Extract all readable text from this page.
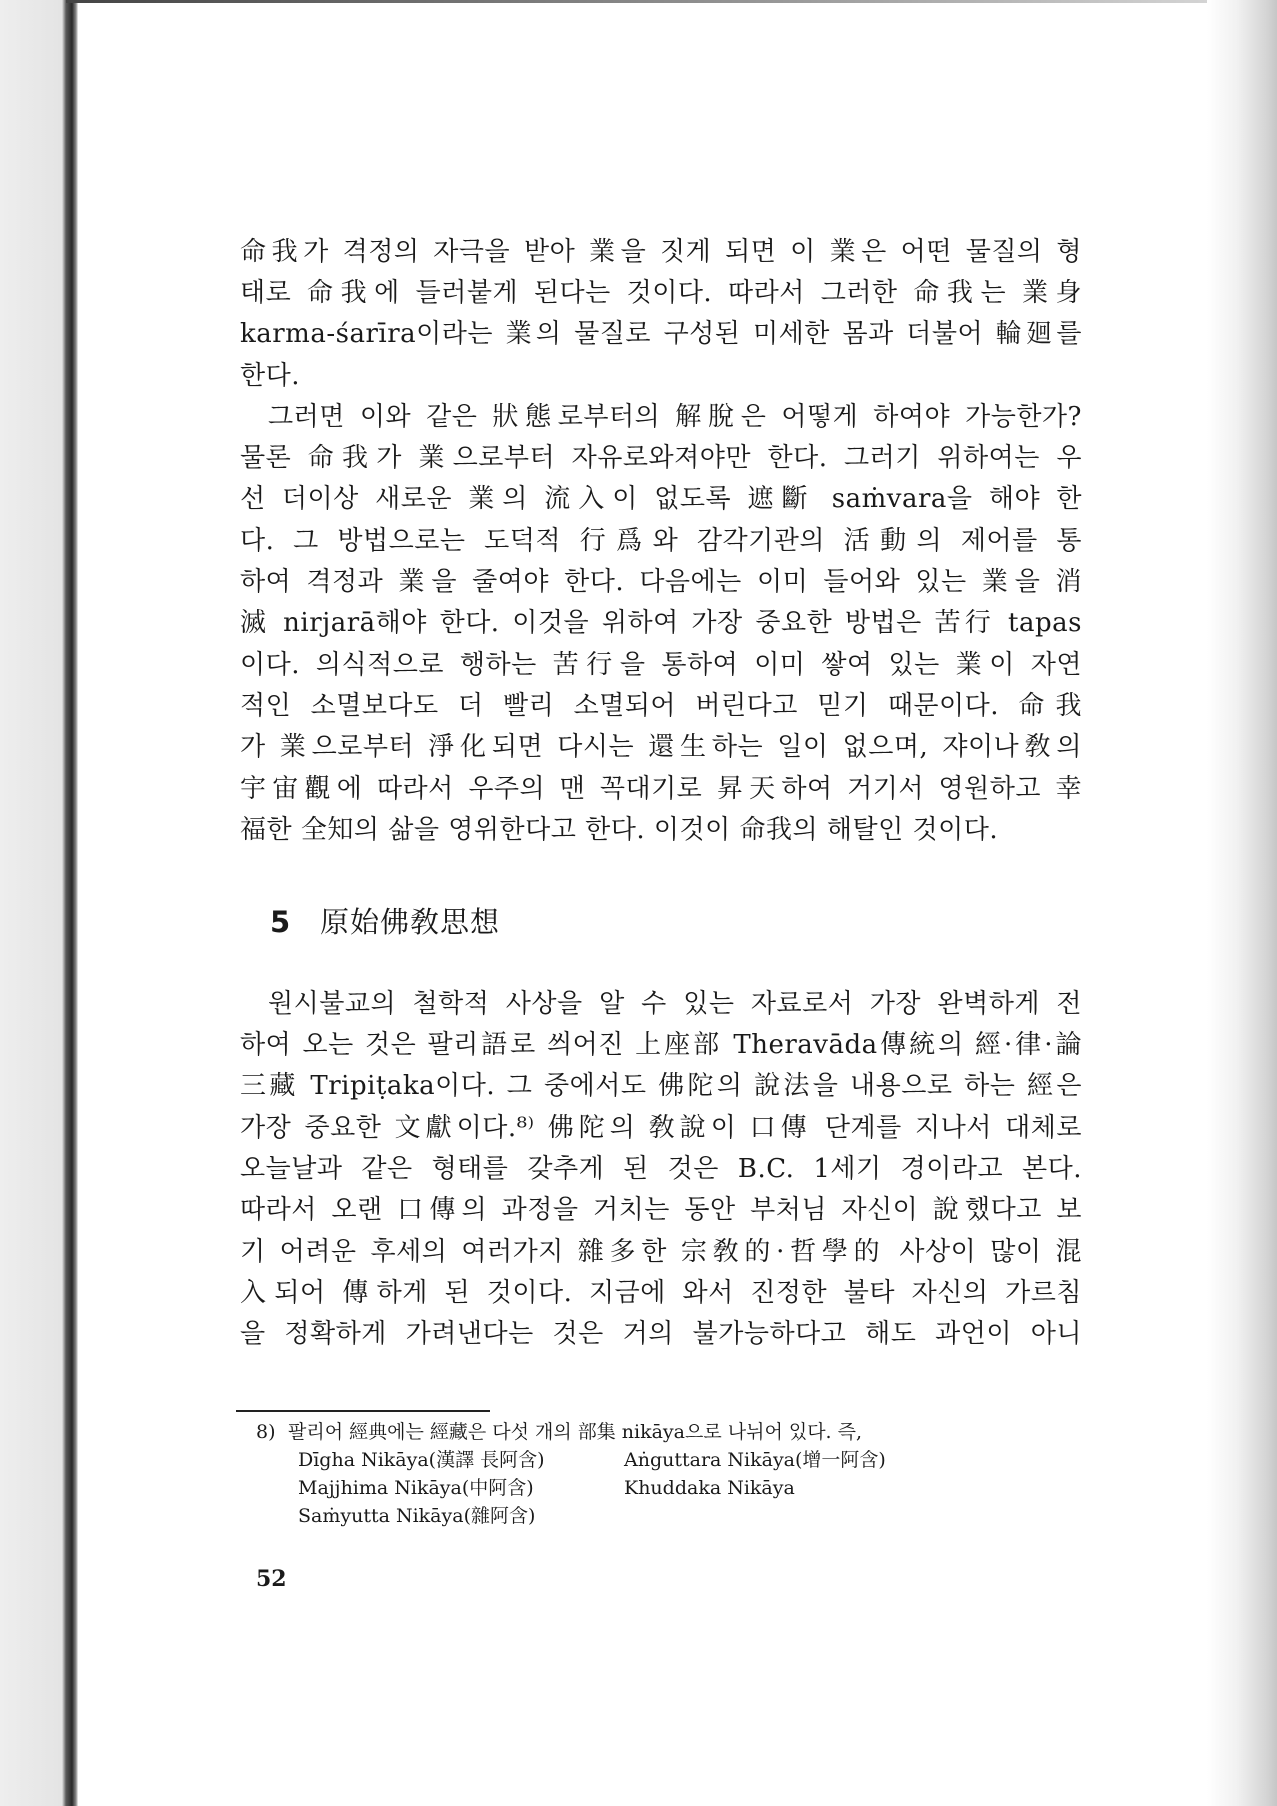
命我가 격정의 자극을 받아 業을 짓게 되면 이 業은 어떤 물질의 형
태로 命我에 들러붙게 된다는 것이다. 따라서 그러한 命我는 業身
karma-śarīra이라는 業의 물질로 구성된 미세한 몸과 더불어 輪廻를
한다.
그러면 이와 같은 狀態로부터의 解脫은 어떻게 하여야 가능한가?
물론 命我가 業으로부터 자유로와져야만 한다. 그러기 위하여는 우
선 더이상 새로운 業의 流入이 없도록 遮斷 saṁvara을 해야 한
다. 그 방법으로는 도덕적 行爲와 감각기관의 活動의 제어를 통
하여 격정과 業을 줄여야 한다. 다음에는 이미 들어와 있는 業을 消
滅 nirjarā해야 한다. 이것을 위하여 가장 중요한 방법은 苦行 tapas
이다. 의식적으로 행하는 苦行을 통하여 이미 쌓여 있는 業이 자연
적인 소멸보다도 더 빨리 소멸되어 버린다고 믿기 때문이다. 命我
가 業으로부터 淨化되면 다시는 還生하는 일이 없으며, 쟈이나敎의
宇宙觀에 따라서 우주의 맨 꼭대기로 昇天하여 거기서 영원하고 幸
福한 全知의 삶을 영위한다고 한다. 이것이 命我의 해탈인 것이다.
5 原始佛敎思想
원시불교의 철학적 사상을 알 수 있는 자료로서 가장 완벽하게 전
하여 오는 것은 팔리語로 씌어진 上座部 Theravāda傳統의 經·律·論
三藏 Tripiṭaka이다. 그 중에서도 佛陀의 說法을 내용으로 하는 經은
가장 중요한 文獻이다.⁸⁾ 佛陀의 敎說이 口傳 단계를 지나서 대체로
오늘날과 같은 형태를 갖추게 된 것은 B.C. 1세기 경이라고 본다.
따라서 오랜 口傳의 과정을 거치는 동안 부처님 자신이 說했다고 보
기 어려운 후세의 여러가지 雜多한 宗敎的·哲學的 사상이 많이 混
入되어 傳하게 된 것이다. 지금에 와서 진정한 불타 자신의 가르침
을 정확하게 가려낸다는 것은 거의 불가능하다고 해도 과언이 아니
8) 팔리어 經典에는 經藏은 다섯 개의 部集 nikāya으로 나뉘어 있다. 즉,
Dīgha Nikāya(漢譯 長阿含)	Aṅguttara Nikāya(增一阿含)
Majjhima Nikāya(中阿含)	Khuddaka Nikāya
Saṁyutta Nikāya(雜阿含)
52
